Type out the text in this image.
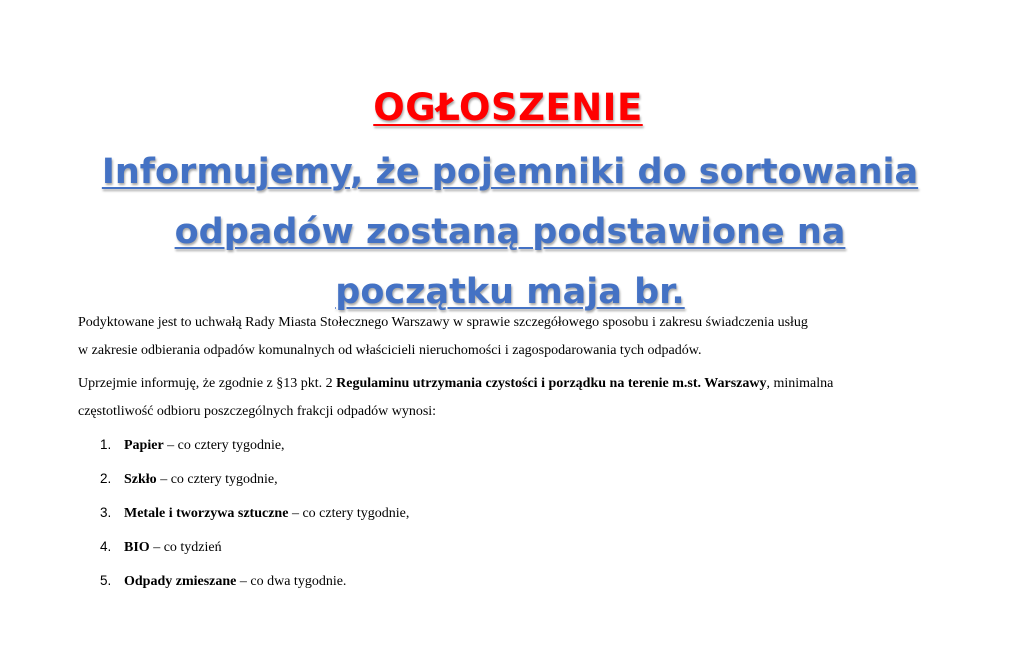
OGŁOSZENIE
Informujemy, że pojemniki do sortowania
odpadów zostaną podstawione na
początku maja br.
Podyktowane jest to uchwałą Rady Miasta Stołecznego Warszawy w sprawie szczegółowego sposobu i zakresu świadczenia usług
w zakresie odbierania odpadów komunalnych od właścicieli nieruchomości i zagospodarowania tych odpadów.
Uprzejmie informuję, że zgodnie z §13 pkt. 2 Regulaminu utrzymania czystości i porządku na terenie m.st. Warszawy, minimalna
częstotliwość odbioru poszczególnych frakcji odpadów wynosi:
1. Papier – co cztery tygodnie,
2. Szkło – co cztery tygodnie,
3. Metale i tworzywa sztuczne – co cztery tygodnie,
4. BIO – co tydzień
5. Odpady zmieszane – co dwa tygodnie.
